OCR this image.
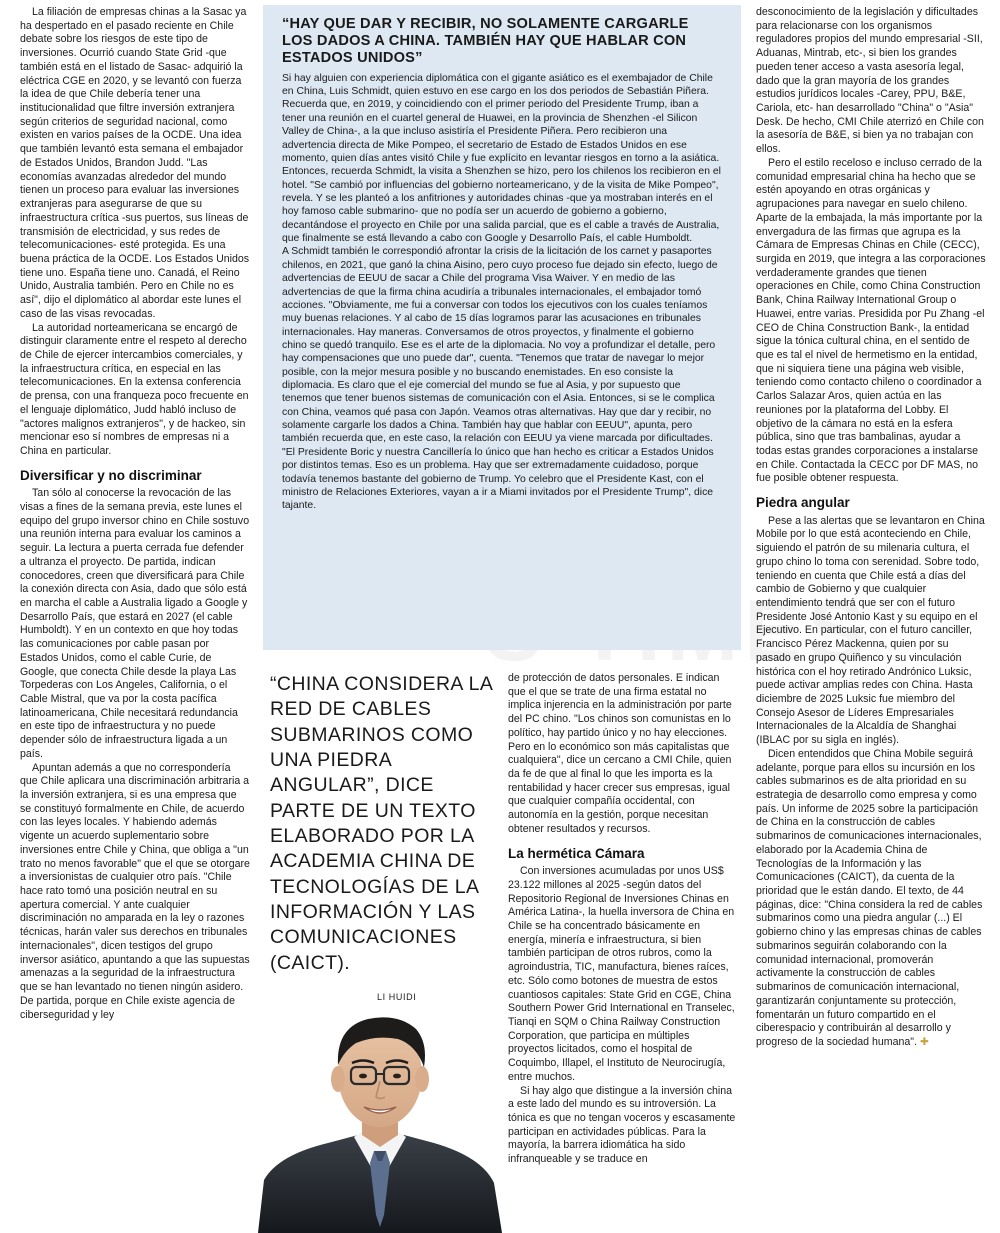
La filiación de empresas chinas a la Sasac ya ha despertado en el pasado reciente en Chile debate sobre los riesgos de este tipo de inversiones. Ocurrió cuando State Grid -que también está en el listado de Sasac- adquirió la eléctrica CGE en 2020, y se levantó con fuerza la idea de que Chile debería tener una institucionalidad que filtre inversión extranjera según criterios de seguridad nacional, como existen en varios países de la OCDE. Una idea que también levantó esta semana el embajador de Estados Unidos, Brandon Judd. "Las economías avanzadas alrededor del mundo tienen un proceso para evaluar las inversiones extranjeras para asegurarse de que su infraestructura crítica -sus puertos, sus líneas de transmisión de electricidad, y sus redes de telecomunicaciones- esté protegida. Es una buena práctica de la OCDE. Los Estados Unidos tiene uno. España tiene uno. Canadá, el Reino Unido, Australia también. Pero en Chile no es así", dijo el diplomático al abordar este lunes el caso de las visas revocadas.

La autoridad norteamericana se encargó de distinguir claramente entre el respeto al derecho de Chile de ejercer intercambios comerciales, y la infraestructura crítica, en especial en las telecomunicaciones. En la extensa conferencia de prensa, con una franqueza poco frecuente en el lenguaje diplomático, Judd habló incluso de "actores malignos extranjeros", y de hackeo, sin mencionar eso sí nombres de empresas ni a China en particular.

Diversificar y no discriminar

Tan sólo al conocerse la revocación de las visas a fines de la semana previa, este lunes el equipo del grupo inversor chino en Chile sostuvo una reunión interna para evaluar los caminos a seguir. La lectura a puerta cerrada fue defender a ultranza el proyecto. De partida, indican conocedores, creen que diversificará para Chile la conexión directa con Asia, dado que sólo está en marcha el cable a Australia ligado a Google y Desarrollo País, que estará en 2027 (el cable Humboldt). Y en un contexto en que hoy todas las comunicaciones por cable pasan por Estados Unidos, como el cable Curie, de Google, que conecta Chile desde la playa Las Torpederas con Los Angeles, California, o el Cable Mistral, que va por la costa pacífica latinoamericana, Chile necesitará redundancia en este tipo de infraestructura y no puede depender sólo de infraestructura ligada a un país.

Apuntan además a que no correspondería que Chile aplicara una discriminación arbitraria a la inversión extranjera, si es una empresa que se constituyó formalmente en Chile, de acuerdo con las leyes locales. Y habiendo además vigente un acuerdo suplementario sobre inversiones entre Chile y China, que obliga a "un trato no menos favorable" que el que se otorgare a inversionistas de cualquier otro país. "Chile hace rato tomó una posición neutral en su apertura comercial. Y ante cualquier discriminación no amparada en la ley o razones técnicas, harán valer sus derechos en tribunales internacionales", dicen testigos del grupo inversor asiático, apuntando a que las supuestas amenazas a la seguridad de la infraestructura que se han levantado no tienen ningún asidero. De partida, porque en Chile existe agencia de ciberseguridad y ley

“HAY QUE DAR Y RECIBIR, NO SOLAMENTE CARGARLE LOS DADOS A CHINA. TAMBIÉN HAY QUE HABLAR CON ESTADOS UNIDOS”

Si hay alguien con experiencia diplomática con el gigante asiático es el exembajador de Chile en China, Luis Schmidt, quien estuvo en ese cargo en los dos periodos de Sebastián Piñera. Recuerda que, en 2019, y coincidiendo con el primer periodo del Presidente Trump, iban a tener una reunión en el cuartel general de Huawei, en la provincia de Shenzhen -el Silicon Valley de China-, a la que incluso asistiría el Presidente Piñera. Pero recibieron una advertencia directa de Mike Pompeo, el secretario de Estado de Estados Unidos en ese momento, quien días antes visitó Chile y fue explícito en levantar riesgos en torno a la asiática. Entonces, recuerda Schmidt, la visita a Shenzhen se hizo, pero los chilenos los recibieron en el hotel. "Se cambió por influencias del gobierno norteamericano, y de la visita de Mike Pompeo", revela. Y se les planteó a los anfitriones y autoridades chinas -que ya mostraban interés en el hoy famoso cable submarino- que no podía ser un acuerdo de gobierno a gobierno, decantándose el proyecto en Chile por una salida parcial, que es el cable a través de Australia, que finalmente se está llevando a cabo con Google y Desarrollo País, el cable Humboldt.

A Schmidt también le correspondió afrontar la crisis de la licitación de los carnet y pasaportes chilenos, en 2021, que ganó la china Aisino, pero cuyo proceso fue dejado sin efecto, luego de advertencias de EEUU de sacar a Chile del programa Visa Waiver. Y en medio de las advertencias de que la firma china acudiría a tribunales internacionales, el embajador tomó acciones. "Obviamente, me fui a conversar con todos los ejecutivos con los cuales teníamos muy buenas relaciones. Y al cabo de 15 días logramos parar las acusaciones en tribunales internacionales. Hay maneras. Conversamos de otros proyectos, y finalmente el gobierno chino se quedó tranquilo. Ese es el arte de la diplomacia. No voy a profundizar el detalle, pero hay compensaciones que uno puede dar", cuenta. "Tenemos que tratar de navegar lo mejor posible, con la mejor mesura posible y no buscando enemistades. En eso consiste la diplomacia. Es claro que el eje comercial del mundo se fue al Asia, y por supuesto que tenemos que tener buenos sistemas de comunicación con el Asia. Entonces, si se le complica con China, veamos qué pasa con Japón. Veamos otras alternativas. Hay que dar y recibir, no solamente cargarle los dados a China. También hay que hablar con EEUU", apunta, pero también recuerda que, en este caso, la relación con EEUU ya viene marcada por dificultades. "El Presidente Boric y nuestra Cancillería lo único que han hecho es criticar a Estados Unidos por distintos temas. Eso es un problema. Hay que ser extremadamente cuidadoso, porque todavía tenemos bastante del gobierno de Trump. Yo celebro que el Presidente Kast, con el ministro de Relaciones Exteriores, vayan a ir a Miami invitados por el Presidente Trump", dice tajante.

“CHINA CONSIDERA LA RED DE CABLES SUBMARINOS COMO UNA PIEDRA ANGULAR”, DICE PARTE DE UN TEXTO ELABORADO POR LA ACADEMIA CHINA DE TECNOLOGÍAS DE LA INFORMACIÓN Y LAS COMUNICACIONES (CAICT).

LI HUIDI

de protección de datos personales. E indican que el que se trate de una firma estatal no implica injerencia en la administración por parte del PC chino. "Los chinos son comunistas en lo político, hay partido único y no hay elecciones. Pero en lo económico son más capitalistas que cualquiera", dice un cercano a CMI Chile, quien da fe de que al final lo que les importa es la rentabilidad y hacer crecer sus empresas, igual que cualquier compañía occidental, con autonomía en la gestión, porque necesitan obtener resultados y recursos.

La hermética Cámara

Con inversiones acumuladas por unos US$ 23.122 millones al 2025 -según datos del Repositorio Regional de Inversiones Chinas en América Latina-, la huella inversora de China en Chile se ha concentrado básicamente en energía, minería e infraestructura, si bien también participan de otros rubros, como la agroindustria, TIC, manufactura, bienes raíces, etc. Sólo como botones de muestra de estos cuantiosos capitales: State Grid en CGE, China Southern Power Grid International en Transelec, Tianqi en SQM o China Railway Construction Corporation, que participa en múltiples proyectos licitados, como el hospital de Coquimbo, Illapel, el Instituto de Neurocirugía, entre muchos.

Si hay algo que distingue a la inversión china a este lado del mundo es su introversión. La tónica es que no tengan voceros y escasamente participan en actividades públicas. Para la mayoría, la barrera idiomática ha sido infranqueable y se traduce en

desconocimiento de la legislación y dificultades para relacionarse con los organismos reguladores propios del mundo empresarial -SII, Aduanas, Mintrab, etc-, si bien los grandes pueden tener acceso a vasta asesoría legal, dado que la gran mayoría de los grandes estudios jurídicos locales -Carey, PPU, B&E, Cariola, etc- han desarrollado "China" o "Asia" Desk. De hecho, CMI Chile aterrizó en Chile con la asesoría de B&E, si bien ya no trabajan con ellos.

Pero el estilo receloso e incluso cerrado de la comunidad empresarial china ha hecho que se estén apoyando en otras orgánicas y agrupaciones para navegar en suelo chileno. Aparte de la embajada, la más importante por la envergadura de las firmas que agrupa es la Cámara de Empresas Chinas en Chile (CECC), surgida en 2019, que integra a las corporaciones verdaderamente grandes que tienen operaciones en Chile, como China Construction Bank, China Railway International Group o Huawei, entre varias. Presidida por Pu Zhang -el CEO de China Construction Bank-, la entidad sigue la tónica cultural china, en el sentido de que es tal el nivel de hermetismo en la entidad, que ni siquiera tiene una página web visible, teniendo como contacto chileno o coordinador a Carlos Salazar Aros, quien actúa en las reuniones por la plataforma del Lobby. El objetivo de la cámara no está en la esfera pública, sino que tras bambalinas, ayudar a todas estas grandes corporaciones a instalarse en Chile. Contactada la CECC por DF MAS, no fue posible obtener respuesta.

Piedra angular

Pese a las alertas que se levantaron en China Mobile por lo que está aconteciendo en Chile, siguiendo el patrón de su milenaria cultura, el grupo chino lo toma con serenidad. Sobre todo, teniendo en cuenta que Chile está a días del cambio de Gobierno y que cualquier entendimiento tendrá que ser con el futuro Presidente José Antonio Kast y su equipo en el Ejecutivo. En particular, con el futuro canciller, Francisco Pérez Mackenna, quien por su pasado en grupo Quiñenco y su vinculación histórica con el hoy retirado Andrónico Luksic, puede activar amplias redes con China. Hasta diciembre de 2025 Luksic fue miembro del Consejo Asesor de Líderes Empresariales Internacionales de la Alcaldía de Shanghai (IBLAC por su sigla en inglés).

Dicen entendidos que China Mobile seguirá adelante, porque para ellos su incursión en los cables submarinos es de alta prioridad en su estrategia de desarrollo como empresa y como país. Un informe de 2025 sobre la participación de China en la construcción de cables submarinos de comunicaciones internacionales, elaborado por la Academia China de Tecnologías de la Información y las Comunicaciones (CAICT), da cuenta de la prioridad que le están dando. El texto, de 44 páginas, dice: "China considera la red de cables submarinos como una piedra angular (...) El gobierno chino y las empresas chinas de cables submarinos seguirán colaborando con la comunidad internacional, promoverán activamente la construcción de cables submarinos de comunicación internacional, garantizarán conjuntamente su protección, fomentarán un futuro compartido en el ciberespacio y contribuirán al desarrollo y progreso de la sociedad humana". ✚
